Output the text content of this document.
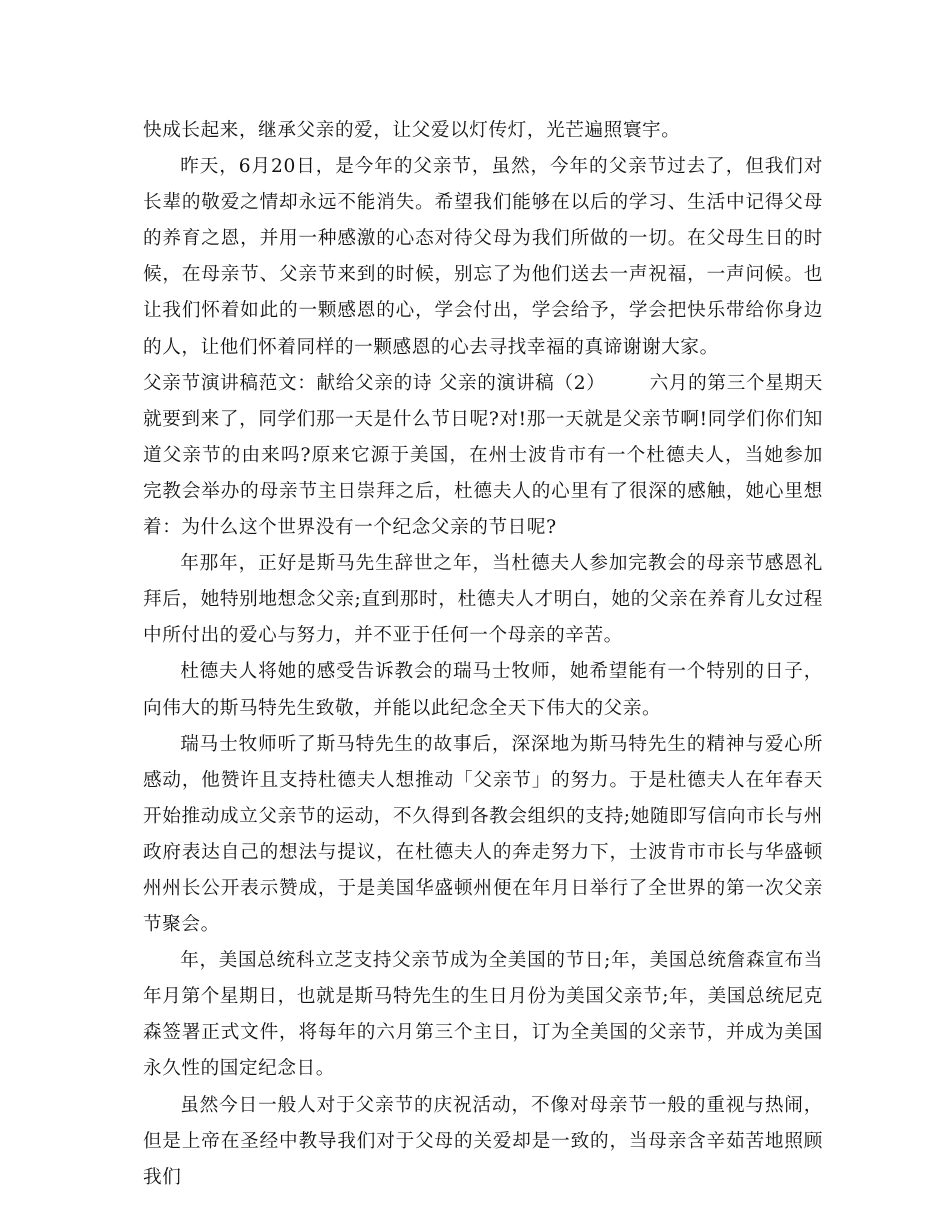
快成长起来，继承父亲的爱，让父爱以灯传灯，光芒遍照寰宇。

昨天，6月20日，是今年的父亲节，虽然，今年的父亲节过去了，但我们对长辈的敬爱之情却永远不能消失。希望我们能够在以后的学习、生活中记得父母的养育之恩，并用一种感激的心态对待父母为我们所做的一切。在父母生日的时候，在母亲节、父亲节来到的时候，别忘了为他们送去一声祝福，一声问候。也让我们怀着如此的一颗感恩的心，学会付出，学会给予，学会把快乐带给你身边的人，让他们怀着同样的一颗感恩的心去寻找幸福的真谛谢谢大家。

父亲节演讲稿范文：献给父亲的诗 父亲的演讲稿（2） 六月的第三个星期天就要到来了，同学们那一天是什么节日呢?对!那一天就是父亲节啊!同学们你们知道父亲节的由来吗?原来它源于美国，在州士波肯市有一个杜德夫人，当她参加完教会举办的母亲节主日崇拜之后，杜德夫人的心里有了很深的感触，她心里想着：为什么这个世界没有一个纪念父亲的节日呢?

年那年，正好是斯马先生辞世之年，当杜德夫人参加完教会的母亲节感恩礼拜后，她特别地想念父亲;直到那时，杜德夫人才明白，她的父亲在养育儿女过程中所付出的爱心与努力，并不亚于任何一个母亲的辛苦。

杜德夫人将她的感受告诉教会的瑞马士牧师，她希望能有一个特别的日子，向伟大的斯马特先生致敬，并能以此纪念全天下伟大的父亲。

瑞马士牧师听了斯马特先生的故事后，深深地为斯马特先生的精神与爱心所感动，他赞许且支持杜德夫人想推动「父亲节」的努力。于是杜德夫人在年春天开始推动成立父亲节的运动，不久得到各教会组织的支持;她随即写信向市长与州政府表达自己的想法与提议，在杜德夫人的奔走努力下，士波肯市市长与华盛顿州州长公开表示赞成，于是美国华盛顿州便在年月日举行了全世界的第一次父亲节聚会。

年，美国总统科立芝支持父亲节成为全美国的节日;年，美国总统詹森宣布当年月第个星期日，也就是斯马特先生的生日月份为美国父亲节;年，美国总统尼克森签署正式文件，将每年的六月第三个主日，订为全美国的父亲节，并成为美国永久性的国定纪念日。

虽然今日一般人对于父亲节的庆祝活动，不像对母亲节一般的重视与热闹，但是上帝在圣经中教导我们对于父母的关爱却是一致的，当母亲含辛茹苦地照顾我们
